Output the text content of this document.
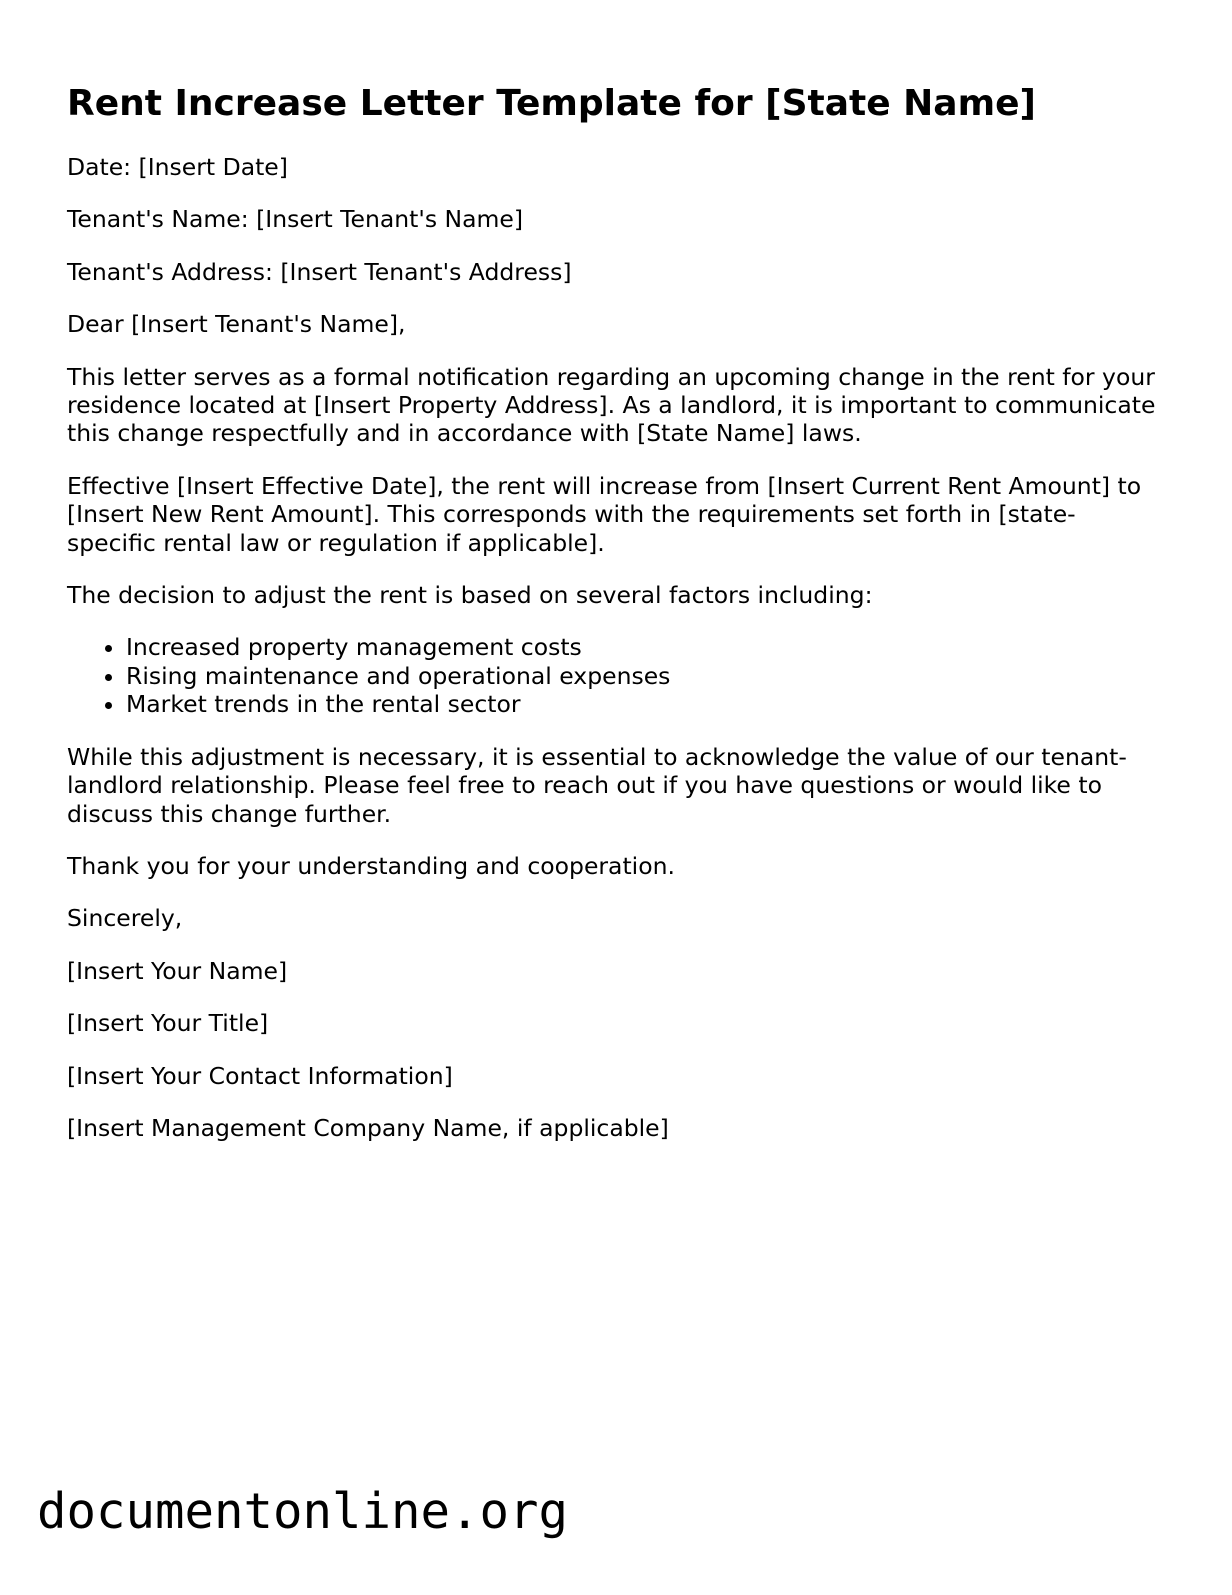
Rent Increase Letter Template for [State Name]

Date: [Insert Date]

Tenant's Name: [Insert Tenant's Name]

Tenant's Address: [Insert Tenant's Address]

Dear [Insert Tenant's Name],

This letter serves as a formal notification regarding an upcoming change in the rent for your residence located at [Insert Property Address]. As a landlord, it is important to communicate this change respectfully and in accordance with [State Name] laws.

Effective [Insert Effective Date], the rent will increase from [Insert Current Rent Amount] to [Insert New Rent Amount]. This corresponds with the requirements set forth in [state-specific rental law or regulation if applicable].

The decision to adjust the rent is based on several factors including:

• Increased property management costs
• Rising maintenance and operational expenses
• Market trends in the rental sector

While this adjustment is necessary, it is essential to acknowledge the value of our tenant-landlord relationship. Please feel free to reach out if you have questions or would like to discuss this change further.

Thank you for your understanding and cooperation.

Sincerely,

[Insert Your Name]

[Insert Your Title]

[Insert Your Contact Information]

[Insert Management Company Name, if applicable]

documentonline.org
